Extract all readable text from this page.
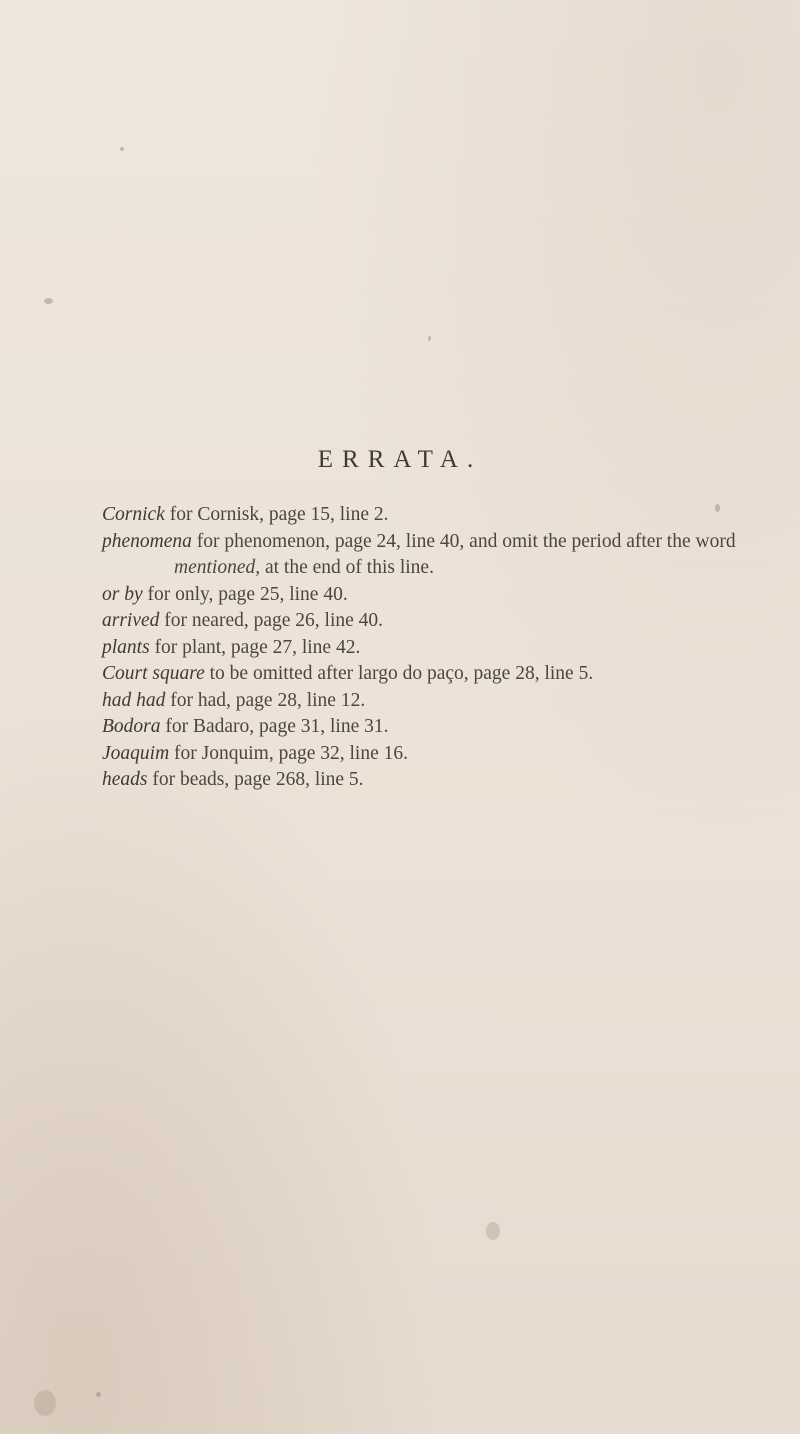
ERRATA.
Cornick for Cornisk, page 15, line 2.
phenomena for phenomenon, page 24, line 40, and omit the period after the word
mentioned, at the end of this line.
or by for only, page 25, line 40.
arrived for neared, page 26, line 40.
plants for plant, page 27, line 42.
Court square to be omitted after largo do paço, page 28, line 5.
had had for had, page 28, line 12.
Bodora for Badaro, page 31, line 31.
Joaquim for Jonquim, page 32, line 16.
heads for beads, page 268, line 5.
